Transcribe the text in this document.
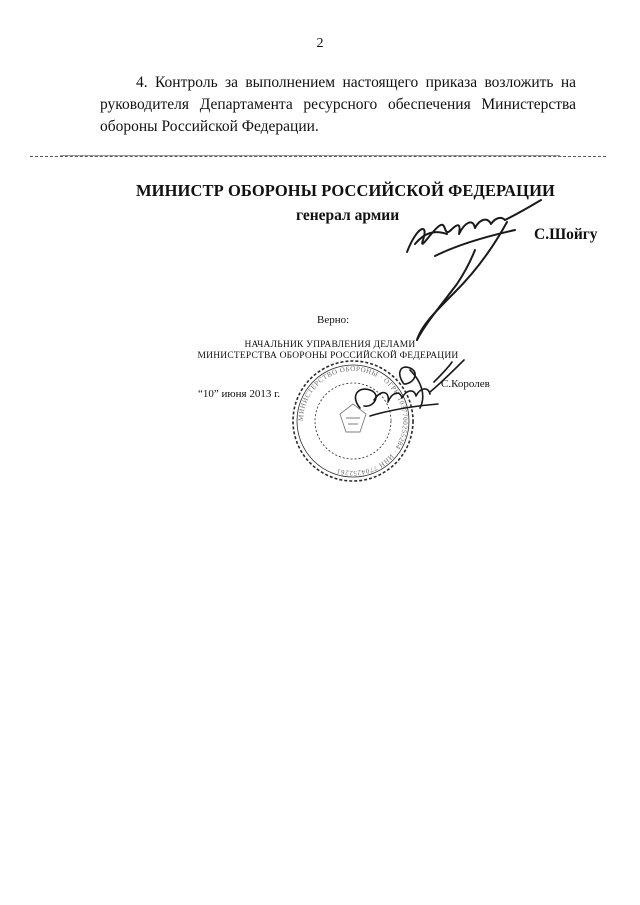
2
4. Контроль за выполнением настоящего приказа возложить на руководителя Департамента ресурсного обеспечения Министерства обороны Российской Федерации.
МИНИСТР ОБОРОНЫ РОССИЙСКОЙ ФЕДЕРАЦИИ
генерал армии
С.Шойгу
Верно:
НАЧАЛЬНИК УПРАВЛЕНИЯ ДЕЛАМИ
МИНИСТЕРСТВА ОБОРОНЫ РОССИЙСКОЙ ФЕДЕРАЦИИ
“10” июня 2013 г.
С.Королев
МИНИСТЕРСТВО ОБОРОНЫ · ОГРН 1037700255284 · ИНН 7704252261
